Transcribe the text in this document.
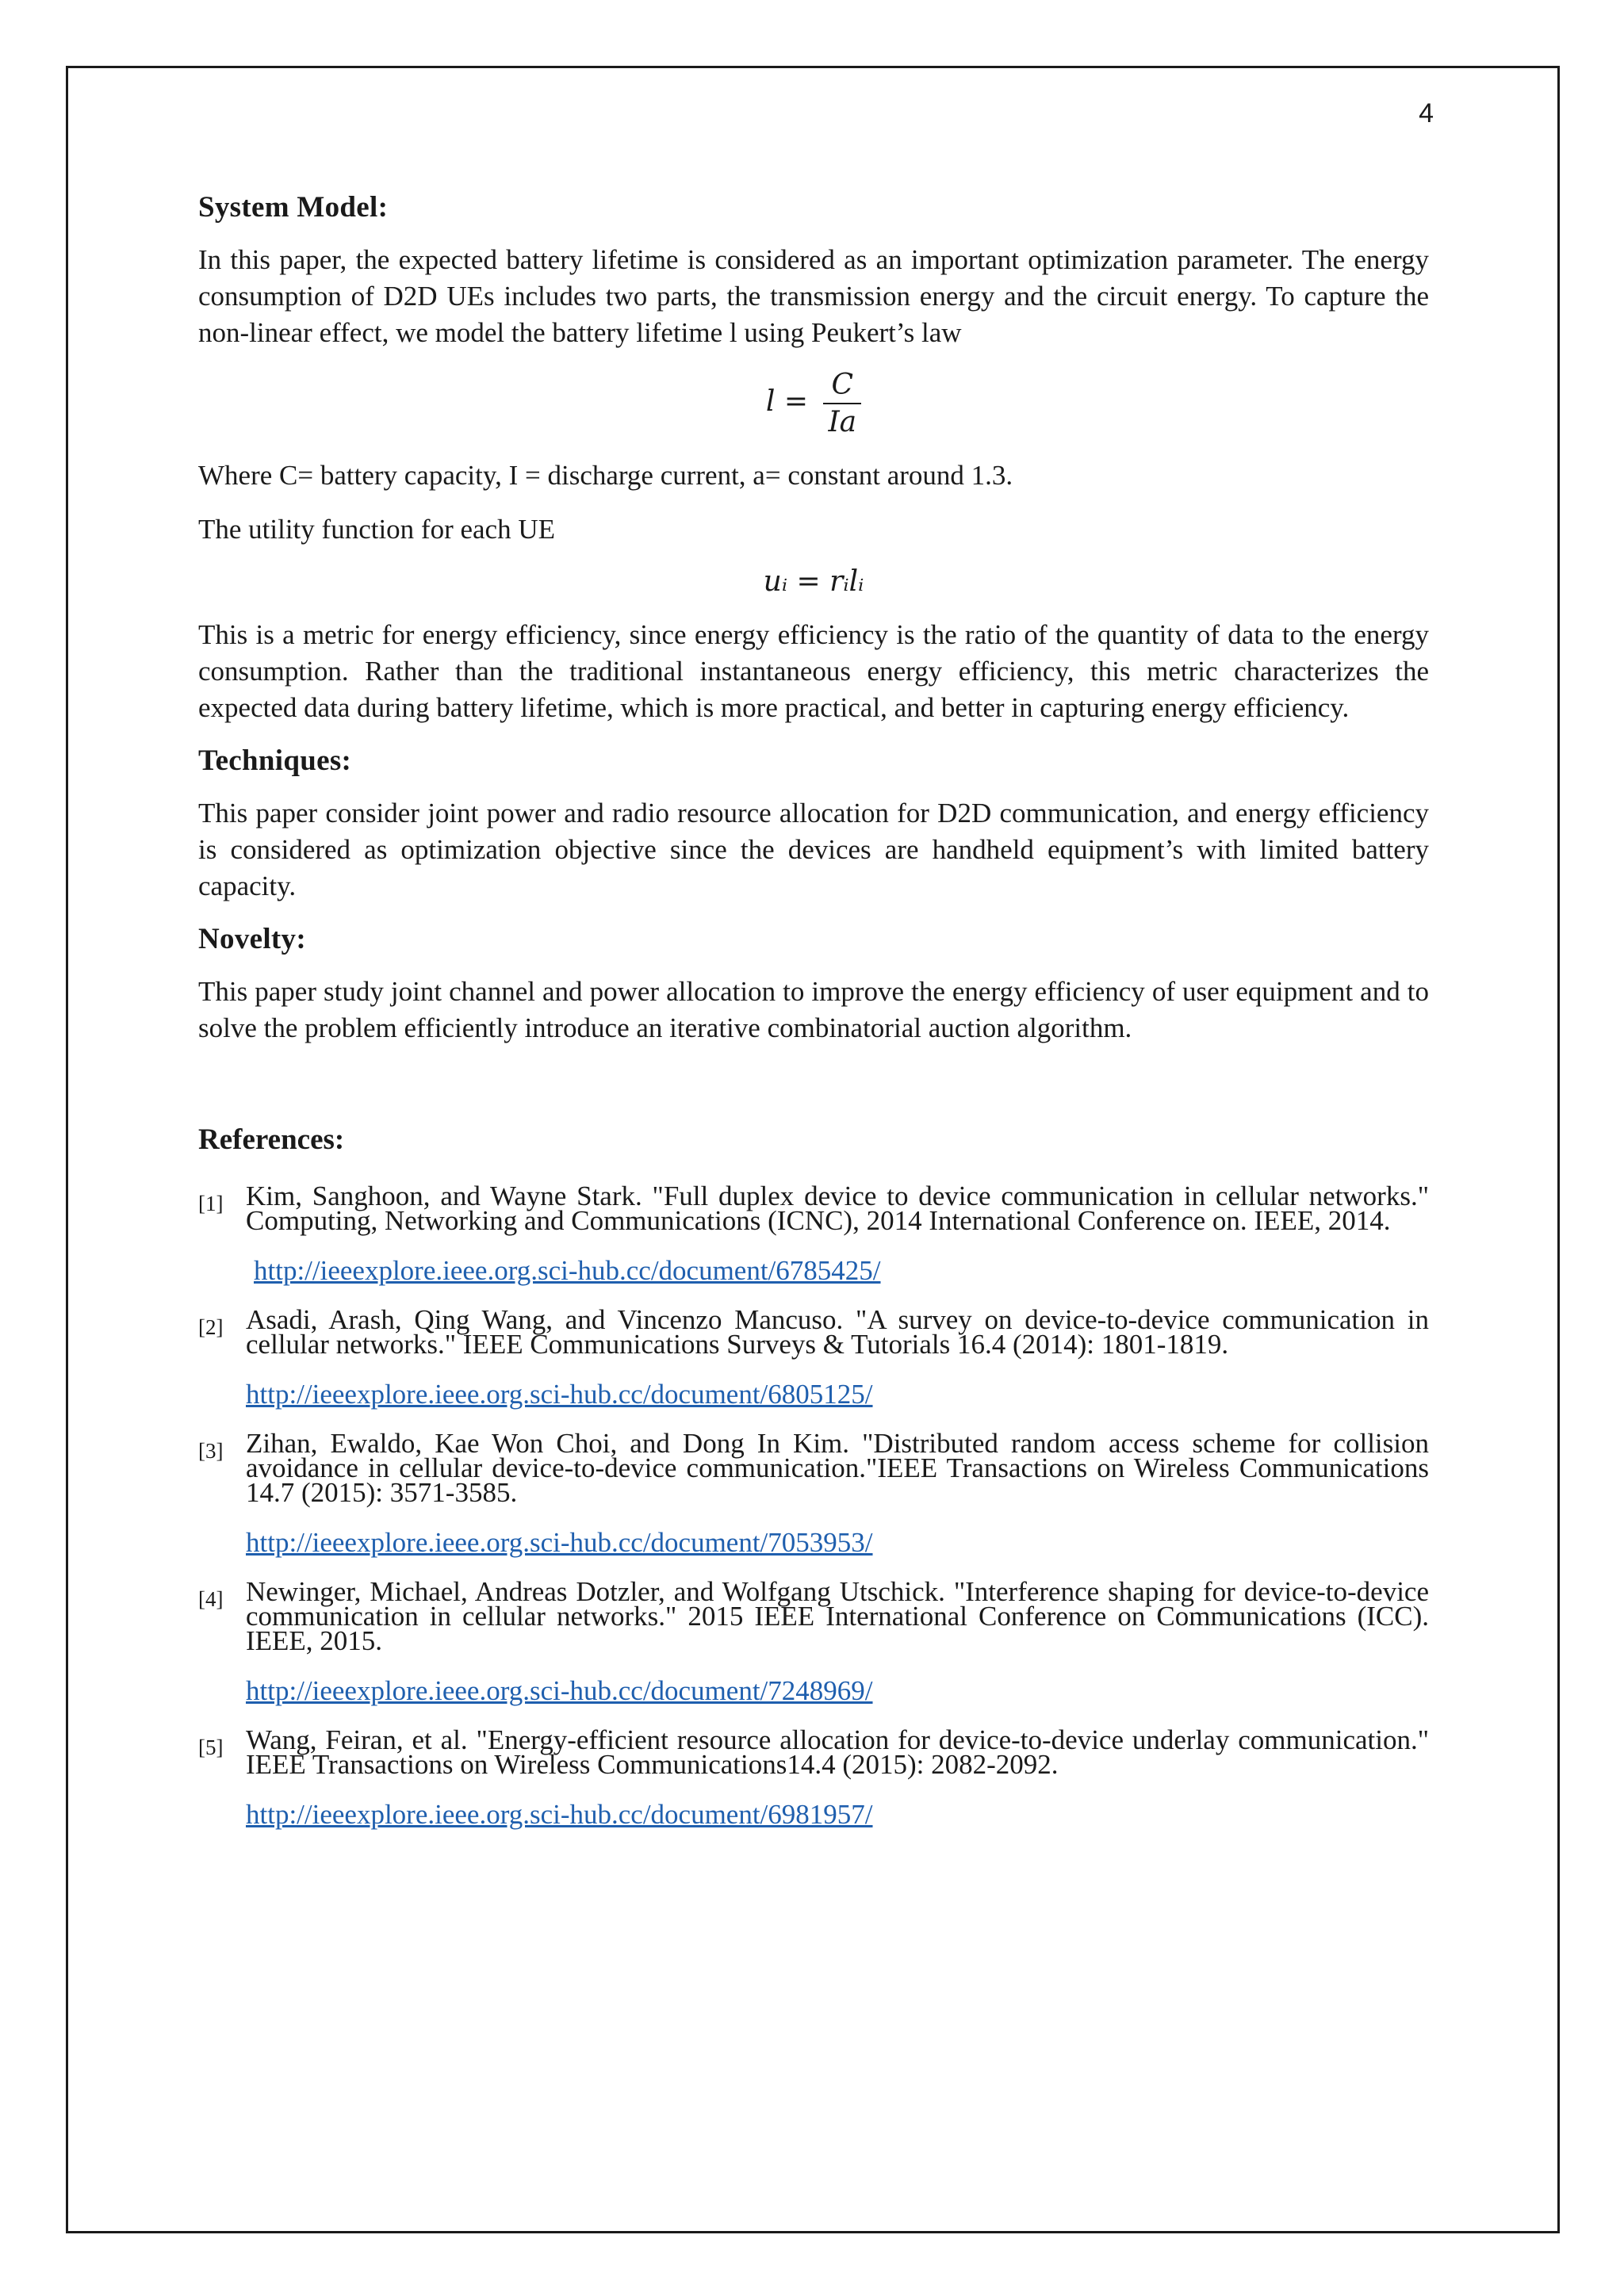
4
System Model:

In this paper, the expected battery lifetime is considered as an important optimization parameter. The energy consumption of D2D UEs includes two parts, the transmission energy and the circuit energy. To capture the non-linear effect, we model the battery lifetime l using Peukert’s law

$l = \frac{C}{Ia}$

Where C= battery capacity, I = discharge current, a= constant around 1.3.

The utility function for each UE

uᵢ = rᵢlᵢ

This is a metric for energy efficiency, since energy efficiency is the ratio of the quantity of data to the energy consumption. Rather than the traditional instantaneous energy efficiency, this metric characterizes the expected data during battery lifetime, which is more practical, and better in capturing energy efficiency.

Techniques:

This paper consider joint power and radio resource allocation for D2D communication, and energy efficiency is considered as optimization objective since the devices are handheld equipment’s with limited battery capacity.

Novelty:

This paper study joint channel and power allocation to improve the energy efficiency of user equipment and to solve the problem efficiently introduce an iterative combinatorial auction algorithm.

References:
[1] Kim, Sanghoon, and Wayne Stark. "Full duplex device to device communication in cellular networks." Computing, Networking and Communications (ICNC), 2014 International Conference on. IEEE, 2014.

http://ieeexplore.ieee.org.sci-hub.cc/document/6785425/
[2] Asadi, Arash, Qing Wang, and Vincenzo Mancuso. "A survey on device-to-device communication in cellular networks." IEEE Communications Surveys & Tutorials 16.4 (2014): 1801-1819.

http://ieeexplore.ieee.org.sci-hub.cc/document/6805125/
[3] Zihan, Ewaldo, Kae Won Choi, and Dong In Kim. "Distributed random access scheme for collision avoidance in cellular device-to-device communication."IEEE Transactions on Wireless Communications 14.7 (2015): 3571-3585.

http://ieeexplore.ieee.org.sci-hub.cc/document/7053953/
[4] Newinger, Michael, Andreas Dotzler, and Wolfgang Utschick. "Interference shaping for device-to-device communication in cellular networks." 2015 IEEE International Conference on Communications (ICC). IEEE, 2015.

http://ieeexplore.ieee.org.sci-hub.cc/document/7248969/
[5] Wang, Feiran, et al. "Energy-efficient resource allocation for device-to-device underlay communication." IEEE Transactions on Wireless Communications14.4 (2015): 2082-2092.

http://ieeexplore.ieee.org.sci-hub.cc/document/6981957/
